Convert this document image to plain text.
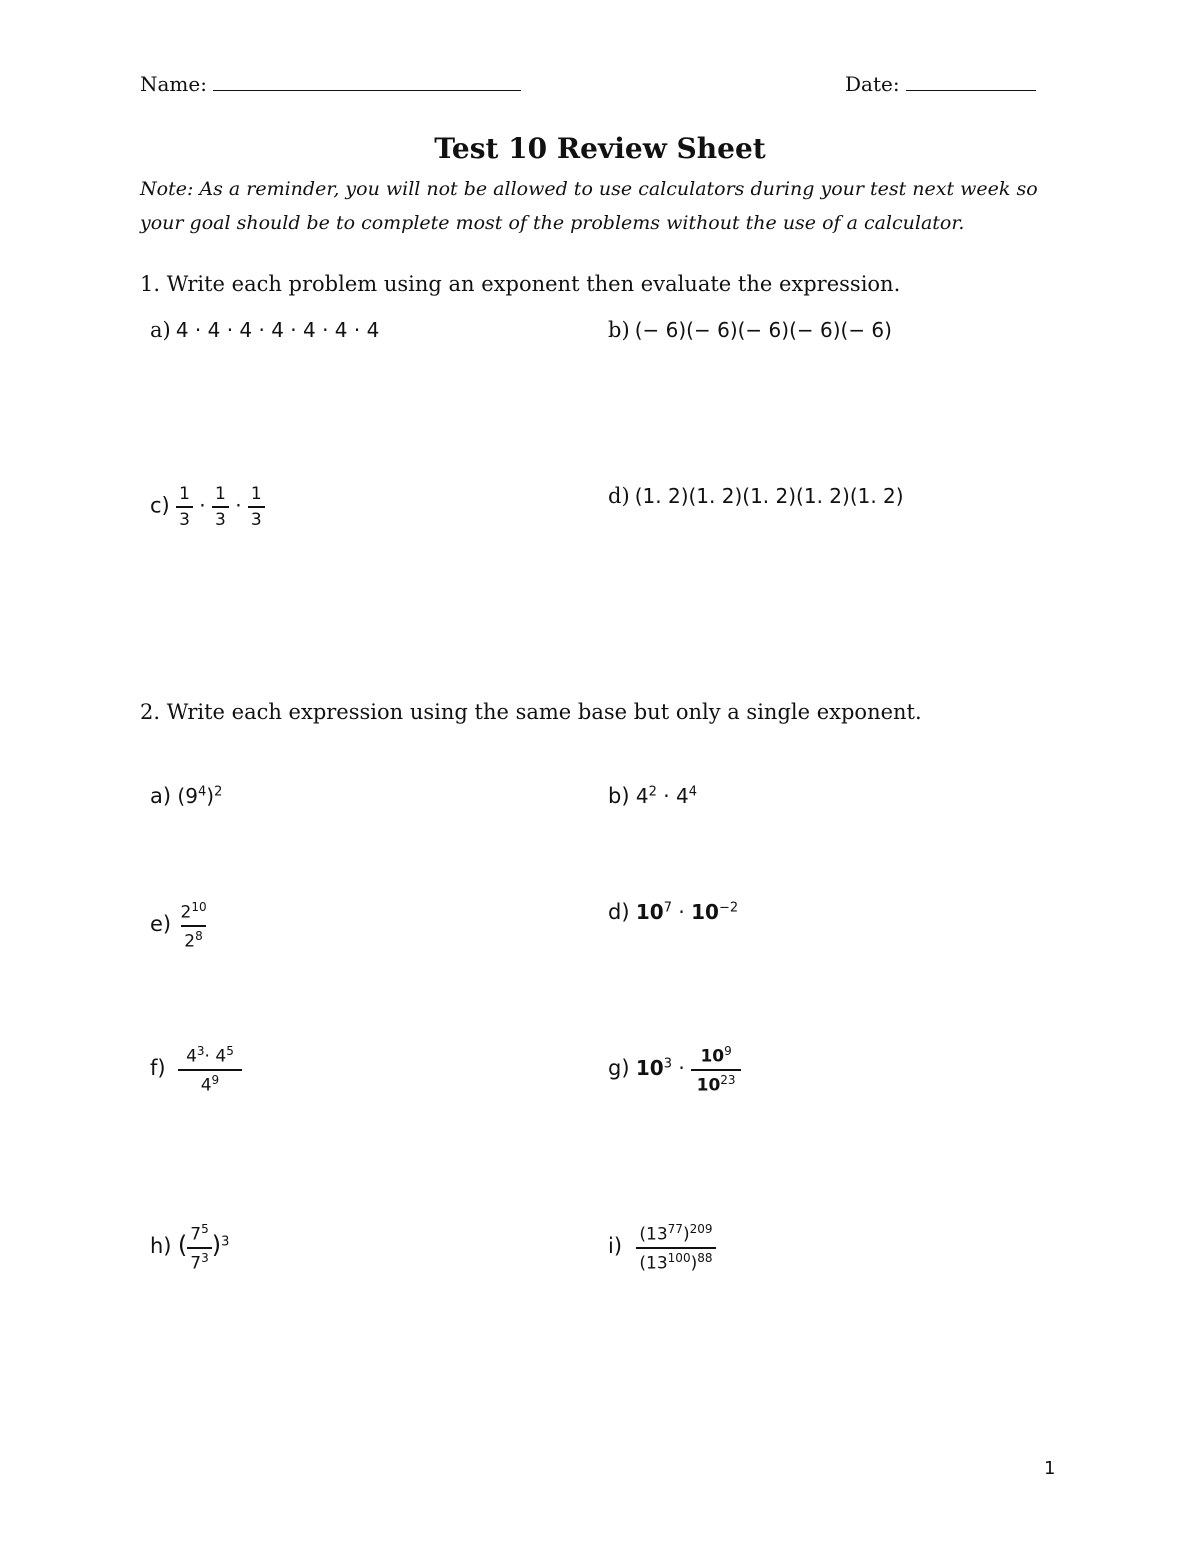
Name:	Date:
Test 10 Review Sheet
Note: As a reminder, you will not be allowed to use calculators during your test next week so your goal should be to complete most of the problems without the use of a calculator.
1. Write each problem using an exponent then evaluate the expression.
a) 4 · 4 · 4 · 4 · 4 · 4 · 4	b) (− 6)(− 6)(− 6)(− 6)(− 6)
$c) \frac{1}{3} \cdot \frac{1}{3} \cdot \frac{1}{3}$	d) (1. 2)(1. 2)(1. 2)(1. 2)(1. 2)
2. Write each expression using the same base but only a single exponent.
a) $(9^4)^2$	b) $4^2 \cdot 4^4$
$e) \frac{2^{10}}{2^8}$	d) $10^7 \cdot 10^{-2}$
$f) \frac{4^3\cdot 4^5}{4^9}$	g) $10^3 \cdot \frac{10^9}{10^{23}}$
h) ( $\frac{7^5}{7^3} )^3$	$i) \frac{(13^{77})^{209}}{(13^{100})^{88}}$
1
